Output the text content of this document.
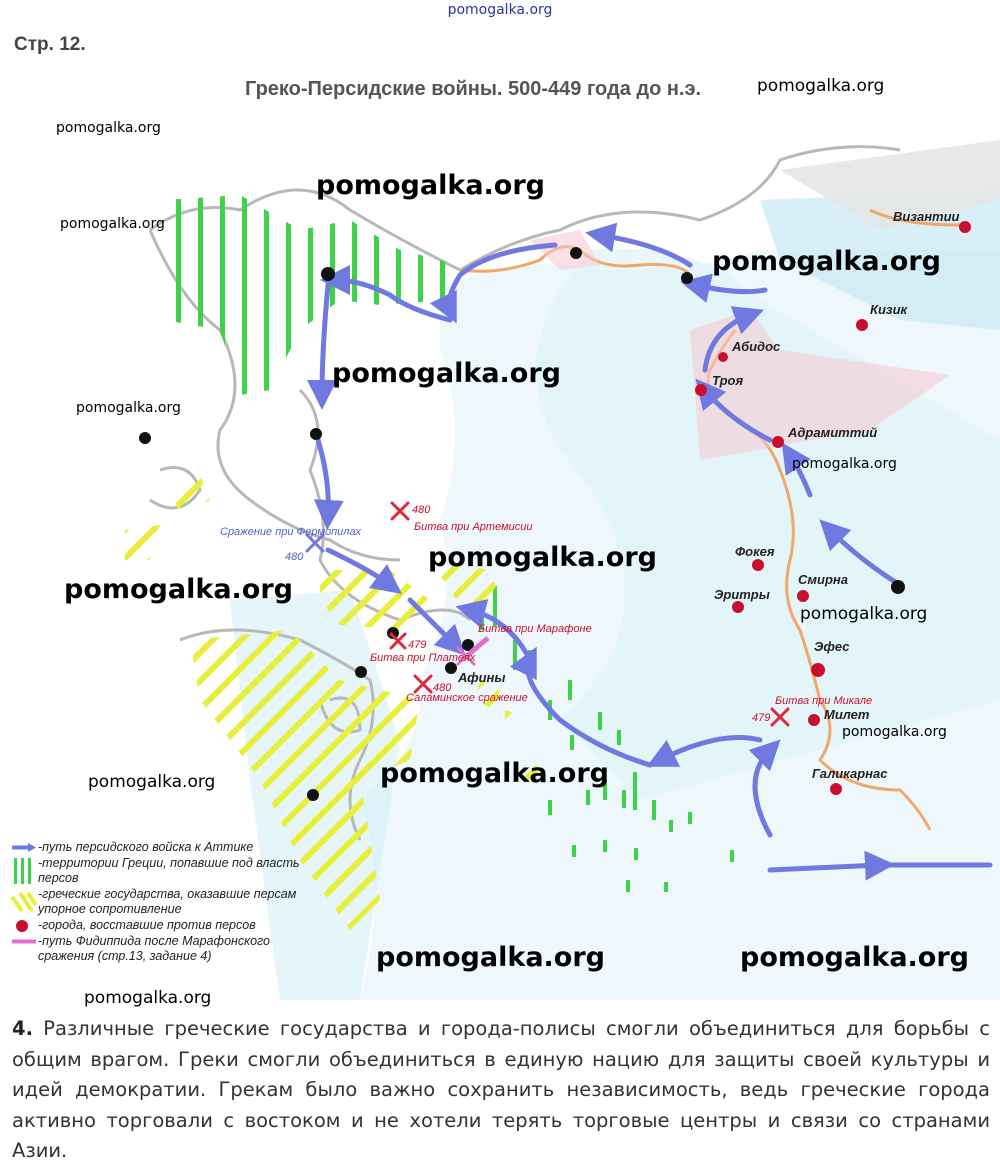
pomogalka.org
Стр. 12.
Византии
Кизик
Абидос
Троя
Адрамиттий
Фокея
Смирна
Эритры
Эфес
Милет
Галикарнас
Афины
Сражение при Фермопилах
480
480
Битва при Артемисии
Битва при Марафоне
479
Битва при Платеях
480
Саламинское сражение	Битва при Микале
479
Греко-Персидские войны. 500-449 года до н.э.	pomogalka.org
pomogalka.org
pomogalka.org
pomogalka.org
pomogalka.org
pomogalka.org
pomogalka.org
pomogalka.org
pomogalka.org
pomogalka.org
pomogalka.org
pomogalka.org
pomogalka.org
pomogalka.org
pomogalka.org	pomogalka.org
pomogalka.org
-путь персидского войска к Аттике
-территории Греции, попавшие под власть персов
-греческие государства, оказавшие персам упорное сопротивление
-города, восставшие против персов
-путь Фидиппида после Марафонского сражения (стр.13, задание 4)
4. Различные греческие государства и города-полисы смогли объединиться для борьбы с общим врагом. Греки смогли объединиться в единую нацию для защиты своей культуры и идей демократии. Грекам было важно сохранить независимость, ведь греческие города активно торговали с востоком и не хотели терять торговые центры и связи со странами Азии.
